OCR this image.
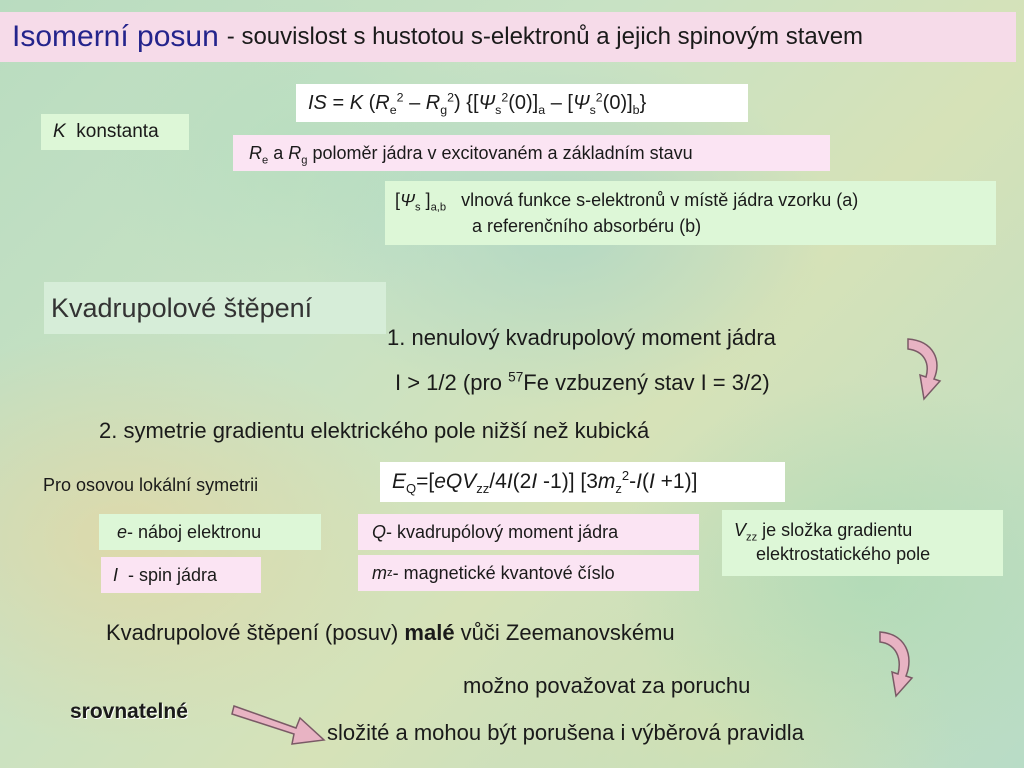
Isomerní posun - souvislost s hustotou s-elektronů a jejich spinovým stavem
IS = K $(R_e^2 - R_g^2)$ $\{[\Psi_s^2(0)]_a - [\Psi_s^2(0)]_b\}$
K
konstanta
$R_e$ a $R_g$ poloměr jádra v excitovaném a základním stavu
[$\Psi_s$ ]$_{a,b}$ vlnová funkce s-elektronů v místě jádra vzorku (a)
a referenčního absorbéru (b)
Kvadrupolové štěpení
1. nenulový kvadrupolový moment jádra
I > 1/2 (pro $^{57}$Fe vzbuzený stav I = 3/2)
2. symetrie gradientu elektrického pole nižší než kubická
Pro osovou lokální symetrii	$E_Q=[eQV_{zz}/4I(2I$ -1)] $[3m_z^2-I(I +1)]$
e - náboj elektronu	Q - kvadrupólový moment jádra	$V_{zz}$ je složka gradientu
elektrostatického pole
I - spin jádra	m z - magnetické kvantové číslo
Kvadrupolové štěpení (posuv) malé vůči Zeemanovskému
možno považovat za poruchu
srovnatelné
složité a mohou být porušena i výběrová pravidla
